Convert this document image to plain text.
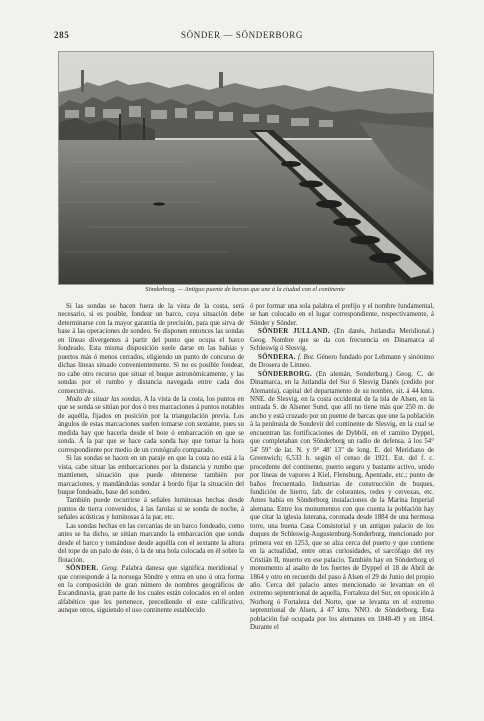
285	SÖNDER — SÖNDERBORG
Sönderborg. — Antiguo puente de barcas que une á la ciudad con el continente

Si las sondas se hacen fuera de la vista de la costa, será necesario, si es posible, fondear un barco, cuya situación debe determinarse con la mayor garantía de precisión, para que sirva de base á las operaciones de sondeo. Se disponen entonces las sondas en líneas divergentes á partir del punto que ocupa el barco fondeado. Esta misma disposición suele darse en las bahías y puertos más ó menos cerrados, eligiendo un punto de concurso de dichas líneas situado convenientemente. Si no es posible fondear, no cabe otro recurso que situar el buque astronómicamente, y las sondas por el rumbo y distancia navegada entre cada dos consecutivas.

Modo de situar las sondas. A la vista de la costa, los puntos en que se sonda se sitúan por dos ó tres marcaciones á puntos notables de aquélla, fijados en posición por la triangulación previa. Los ángulos de estas marcaciones suelen tomarse con sextante, pues su medida hay que hacerla desde el bote ó embarcación en que se sonda. Á la par que se hace cada sonda hay que tomar la hora correspondiente por medio de un cronógrafo comparado.

Si las sondas se hacen en un paraje en que la costa no está á la vista, cabe situar las embarcaciones por la distancia y rumbo que mantienen, situación que puede obtenerse también por marcaciones, y mandándolas sondar á bordo fijar la situación del buque fondeado, base del sondeo.

También puede recurrirse á señales luminosas hechas desde puntos de tierra convenidos, á las farolas si se sonda de noche, á señales acústicas y luminosas á la par, etc.

Las sondas hechas en las cercanías de un barco fondeado, como antes se ha dicho, se sitúan marcando la embarcación que sonda desde el barco y tomándose desde aquélla con el sextante la altura del tope de un palo de éste, ó la de una bola colocada en él sobre la flotación.

SÖNDER. Geog. Palabra danesa que significa meridional y que corresponde á la noruega Söndre y entra en uno ú otra forma en la composición de gran número de nombres geográficos de Escandinavia, gran parte de los cuales están colocados en el orden alfabético que les pertenece, precediendo el este calificativo, aunque otros, siguiendo el uso continente establecido

ó por formar una sola palabra el prefijo y el nombre fundamental, se han colocado en el lugar correspondiente, respectivamente, á Sönder y Sönder.

SÖNDER JULLAND. (En danés, Jutlandia Meridional.) Geog. Nombre que se da con frecuencia en Dinamarca al Schleswig ó Slesvig.

SÖNDERA. f. Bot. Género fundado por Lehmann y sinónimo de Drosera de Linneo.

SÖNDERBORG. (En alemán, Sonderburg.) Geog. C. de Dinamarca, en la Jutlandia del Sur ó Slesvig Danés (cedido por Alemania), capital del departamento de su nombre, sit. á 44 kms. NNE. de Slesvig, en la costa occidental de la isla de Alsen, en la entrada S. de Alsener Sund, que allí no tiene más que 250 m. de ancho y está cruzado por un puente de barcas que une la población á la península de Sondevit del continente de Slesvig, en la cual se encuentran las fortificaciones de Dybböl, en el camino Dyppel, que completaban con Sönderborg un radio de defensa. á los 54° 54' 59" de lat. N. y 9° 48' 13" de long. E. del Meridiano de Greenwich; 6,533 h. según el censo de 1921. Est. del f. c. procedente del continente, puerto seguro y bastante activo, unido por líneas de vapores á Kiel, Flensburg, Apenrade, etc.; punto de baños frecuentado. Industrias de construcción de buques, fundición de hierro, fab. de colorantes, redes y cervezas, etc. Antes había en Sönderborg instalaciones de la Marina Imperial alemana. Entre los monumentos con que cuenta la población hay que citar la iglesia luterana, coronada desde 1884 de una hermosa torre, una buena Casa Consistorial y un antiguo palacio de los duques de Schleswig-Augustenburg-Sonderburg, mencionado por primera vez en 1253, que se alza cerca del puerto y que contiene en la actualidad, entre otras curiosidades, el sarcófago del rey Cristián II, muerto en ese palacio. También hay en Sönderborg el monumento al asalto de los fuertes de Dyppel el 18 de Abril de 1864 y otro en recuerdo del paso á Alsen el 29 de Junio del propio año. Cerca del palacio antes mencionado se levantan en el extremo septentrional de aquella, Fortaleza del Sur, en oposición á Norborg ó Fortaleza del Norte, que se levanta en el extremo septentrional de Alsen, á 47 kms. NNO. de Sönderborg. Esta población fué ocupada por los alemanes en 1848-49 y en 1864. Durante el
